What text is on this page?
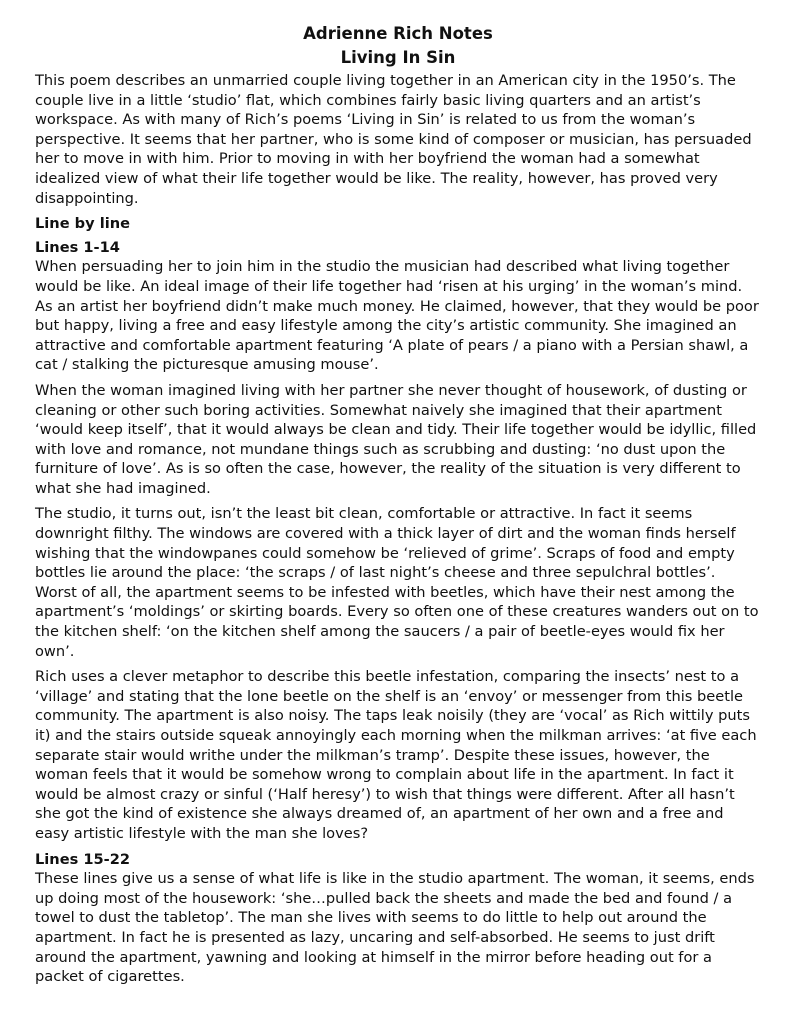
Adrienne Rich Notes
Living In Sin

This poem describes an unmarried couple living together in an American city in the 1950’s. The couple live in a little ‘studio’ flat, which combines fairly basic living quarters and an artist’s workspace. As with many of Rich’s poems ‘Living in Sin’ is related to us from the woman’s perspective. It seems that her partner, who is some kind of composer or musician, has persuaded her to move in with him. Prior to moving in with her boyfriend the woman had a somewhat idealized view of what their life together would be like. The reality, however, has proved very disappointing.

Line by line
Lines 1-14

When persuading her to join him in the studio the musician had described what living together would be like. An ideal image of their life together had ‘risen at his urging’ in the woman’s mind. As an artist her boyfriend didn’t make much money. He claimed, however, that they would be poor but happy, living a free and easy lifestyle among the city’s artistic community. She imagined an attractive and comfortable apartment featuring ‘A plate of pears / a piano with a Persian shawl, a cat / stalking the picturesque amusing mouse’.

When the woman imagined living with her partner she never thought of housework, of dusting or cleaning or other such boring activities. Somewhat naively she imagined that their apartment ‘would keep itself’, that it would always be clean and tidy. Their life together would be idyllic, filled with love and romance, not mundane things such as scrubbing and dusting: ‘no dust upon the furniture of love’. As is so often the case, however, the reality of the situation is very different to what she had imagined.

The studio, it turns out, isn’t the least bit clean, comfortable or attractive. In fact it seems downright filthy. The windows are covered with a thick layer of dirt and the woman finds herself wishing that the windowpanes could somehow be ‘relieved of grime’. Scraps of food and empty bottles lie around the place: ‘the scraps / of last night’s cheese and three sepulchral bottles’. Worst of all, the apartment seems to be infested with beetles, which have their nest among the apartment’s ‘moldings’ or skirting boards. Every so often one of these creatures wanders out on to the kitchen shelf: ‘on the kitchen shelf among the saucers / a pair of beetle-eyes would fix her own’.

Rich uses a clever metaphor to describe this beetle infestation, comparing the insects’ nest to a ‘village’ and stating that the lone beetle on the shelf is an ‘envoy’ or messenger from this beetle community. The apartment is also noisy. The taps leak noisily (they are ‘vocal’ as Rich wittily puts it) and the stairs outside squeak annoyingly each morning when the milkman arrives: ‘at five each separate stair would writhe under the milkman’s tramp’. Despite these issues, however, the woman feels that it would be somehow wrong to complain about life in the apartment. In fact it would be almost crazy or sinful (‘Half heresy’) to wish that things were different. After all hasn’t she got the kind of existence she always dreamed of, an apartment of her own and a free and easy artistic lifestyle with the man she loves?

Lines 15-22

These lines give us a sense of what life is like in the studio apartment. The woman, it seems, ends up doing most of the housework: ‘she…pulled back the sheets and made the bed and found / a towel to dust the tabletop’. The man she lives with seems to do little to help out around the apartment. In fact he is presented as lazy, uncaring and self-absorbed. He seems to just drift around the apartment, yawning and looking at himself in the mirror before heading out for a packet of cigarettes.
